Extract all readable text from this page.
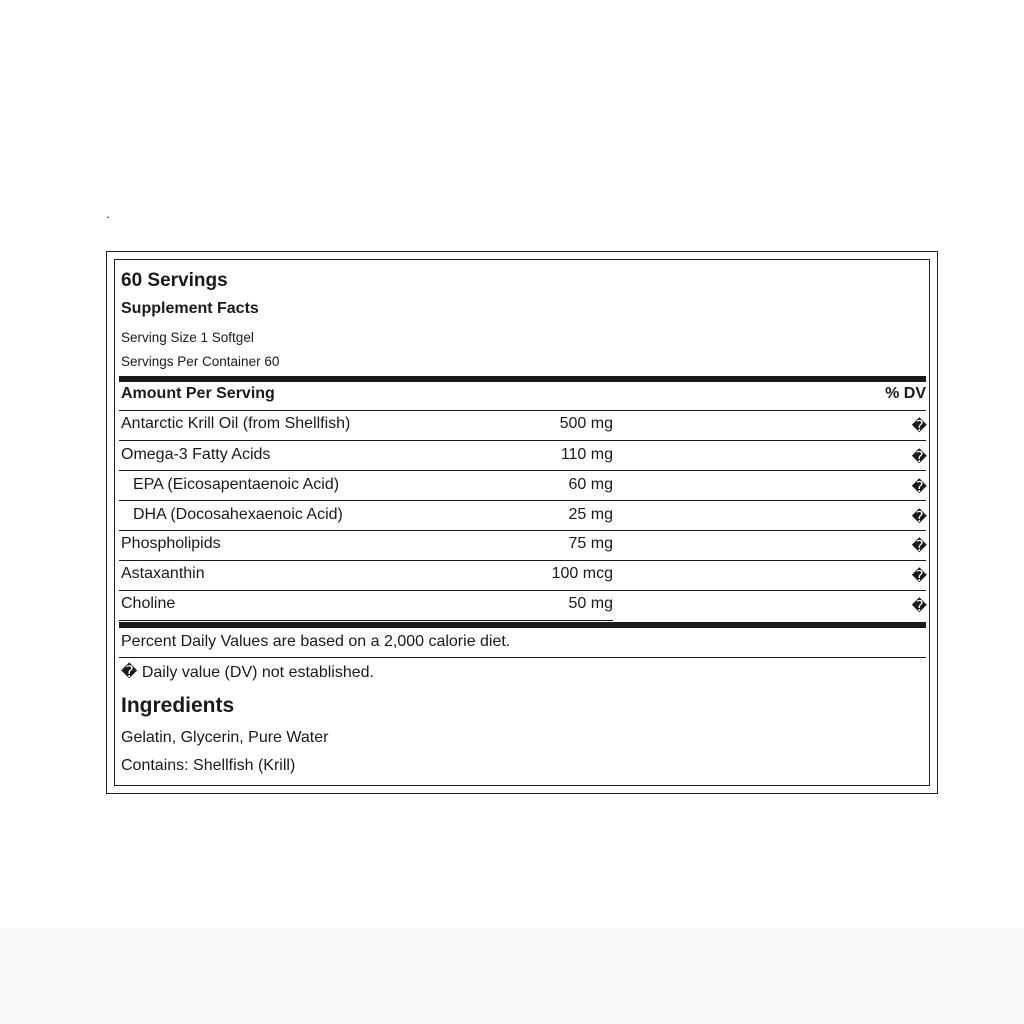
.
60 Servings
Supplement Facts
Serving Size 1 Softgel
Servings Per Container 60
Amount Per Serving	% DV
Antarctic Krill Oil (from Shellfish)	500 mg	�
Omega-3 Fatty Acids	110 mg	�
EPA (Eicosapentaenoic Acid)	60 mg	�
DHA (Docosahexaenoic Acid)	25 mg	�
Phospholipids	75 mg	�
Astaxanthin	100 mcg	�
Choline	50 mg	�
Percent Daily Values are based on a 2,000 calorie diet.
� Daily value (DV) not established.
Ingredients
Gelatin, Glycerin, Pure Water
Contains: Shellfish (Krill)
